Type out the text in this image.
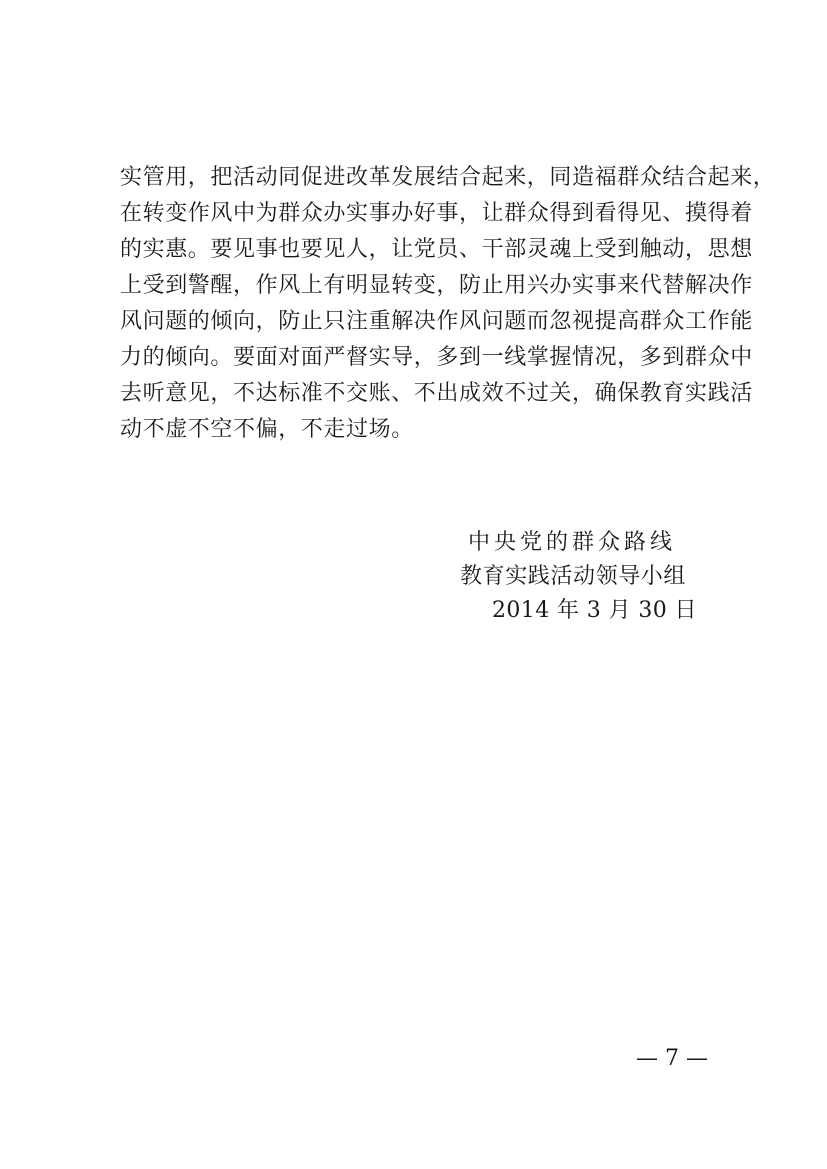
实管用，把活动同促进改革发展结合起来，同造福群众结合起来，
在转变作风中为群众办实事办好事，让群众得到看得见、摸得着
的实惠。要见事也要见人，让党员、干部灵魂上受到触动，思想
上受到警醒，作风上有明显转变，防止用兴办实事来代替解决作
风问题的倾向，防止只注重解决作风问题而忽视提高群众工作能
力的倾向。要面对面严督实导，多到一线掌握情况，多到群众中
去听意见，不达标准不交账、不出成效不过关，确保教育实践活
动不虚不空不偏，不走过场。
中央党的群众路线
教育实践活动领导小组
2014 年 3 月 30 日
— 7 —
